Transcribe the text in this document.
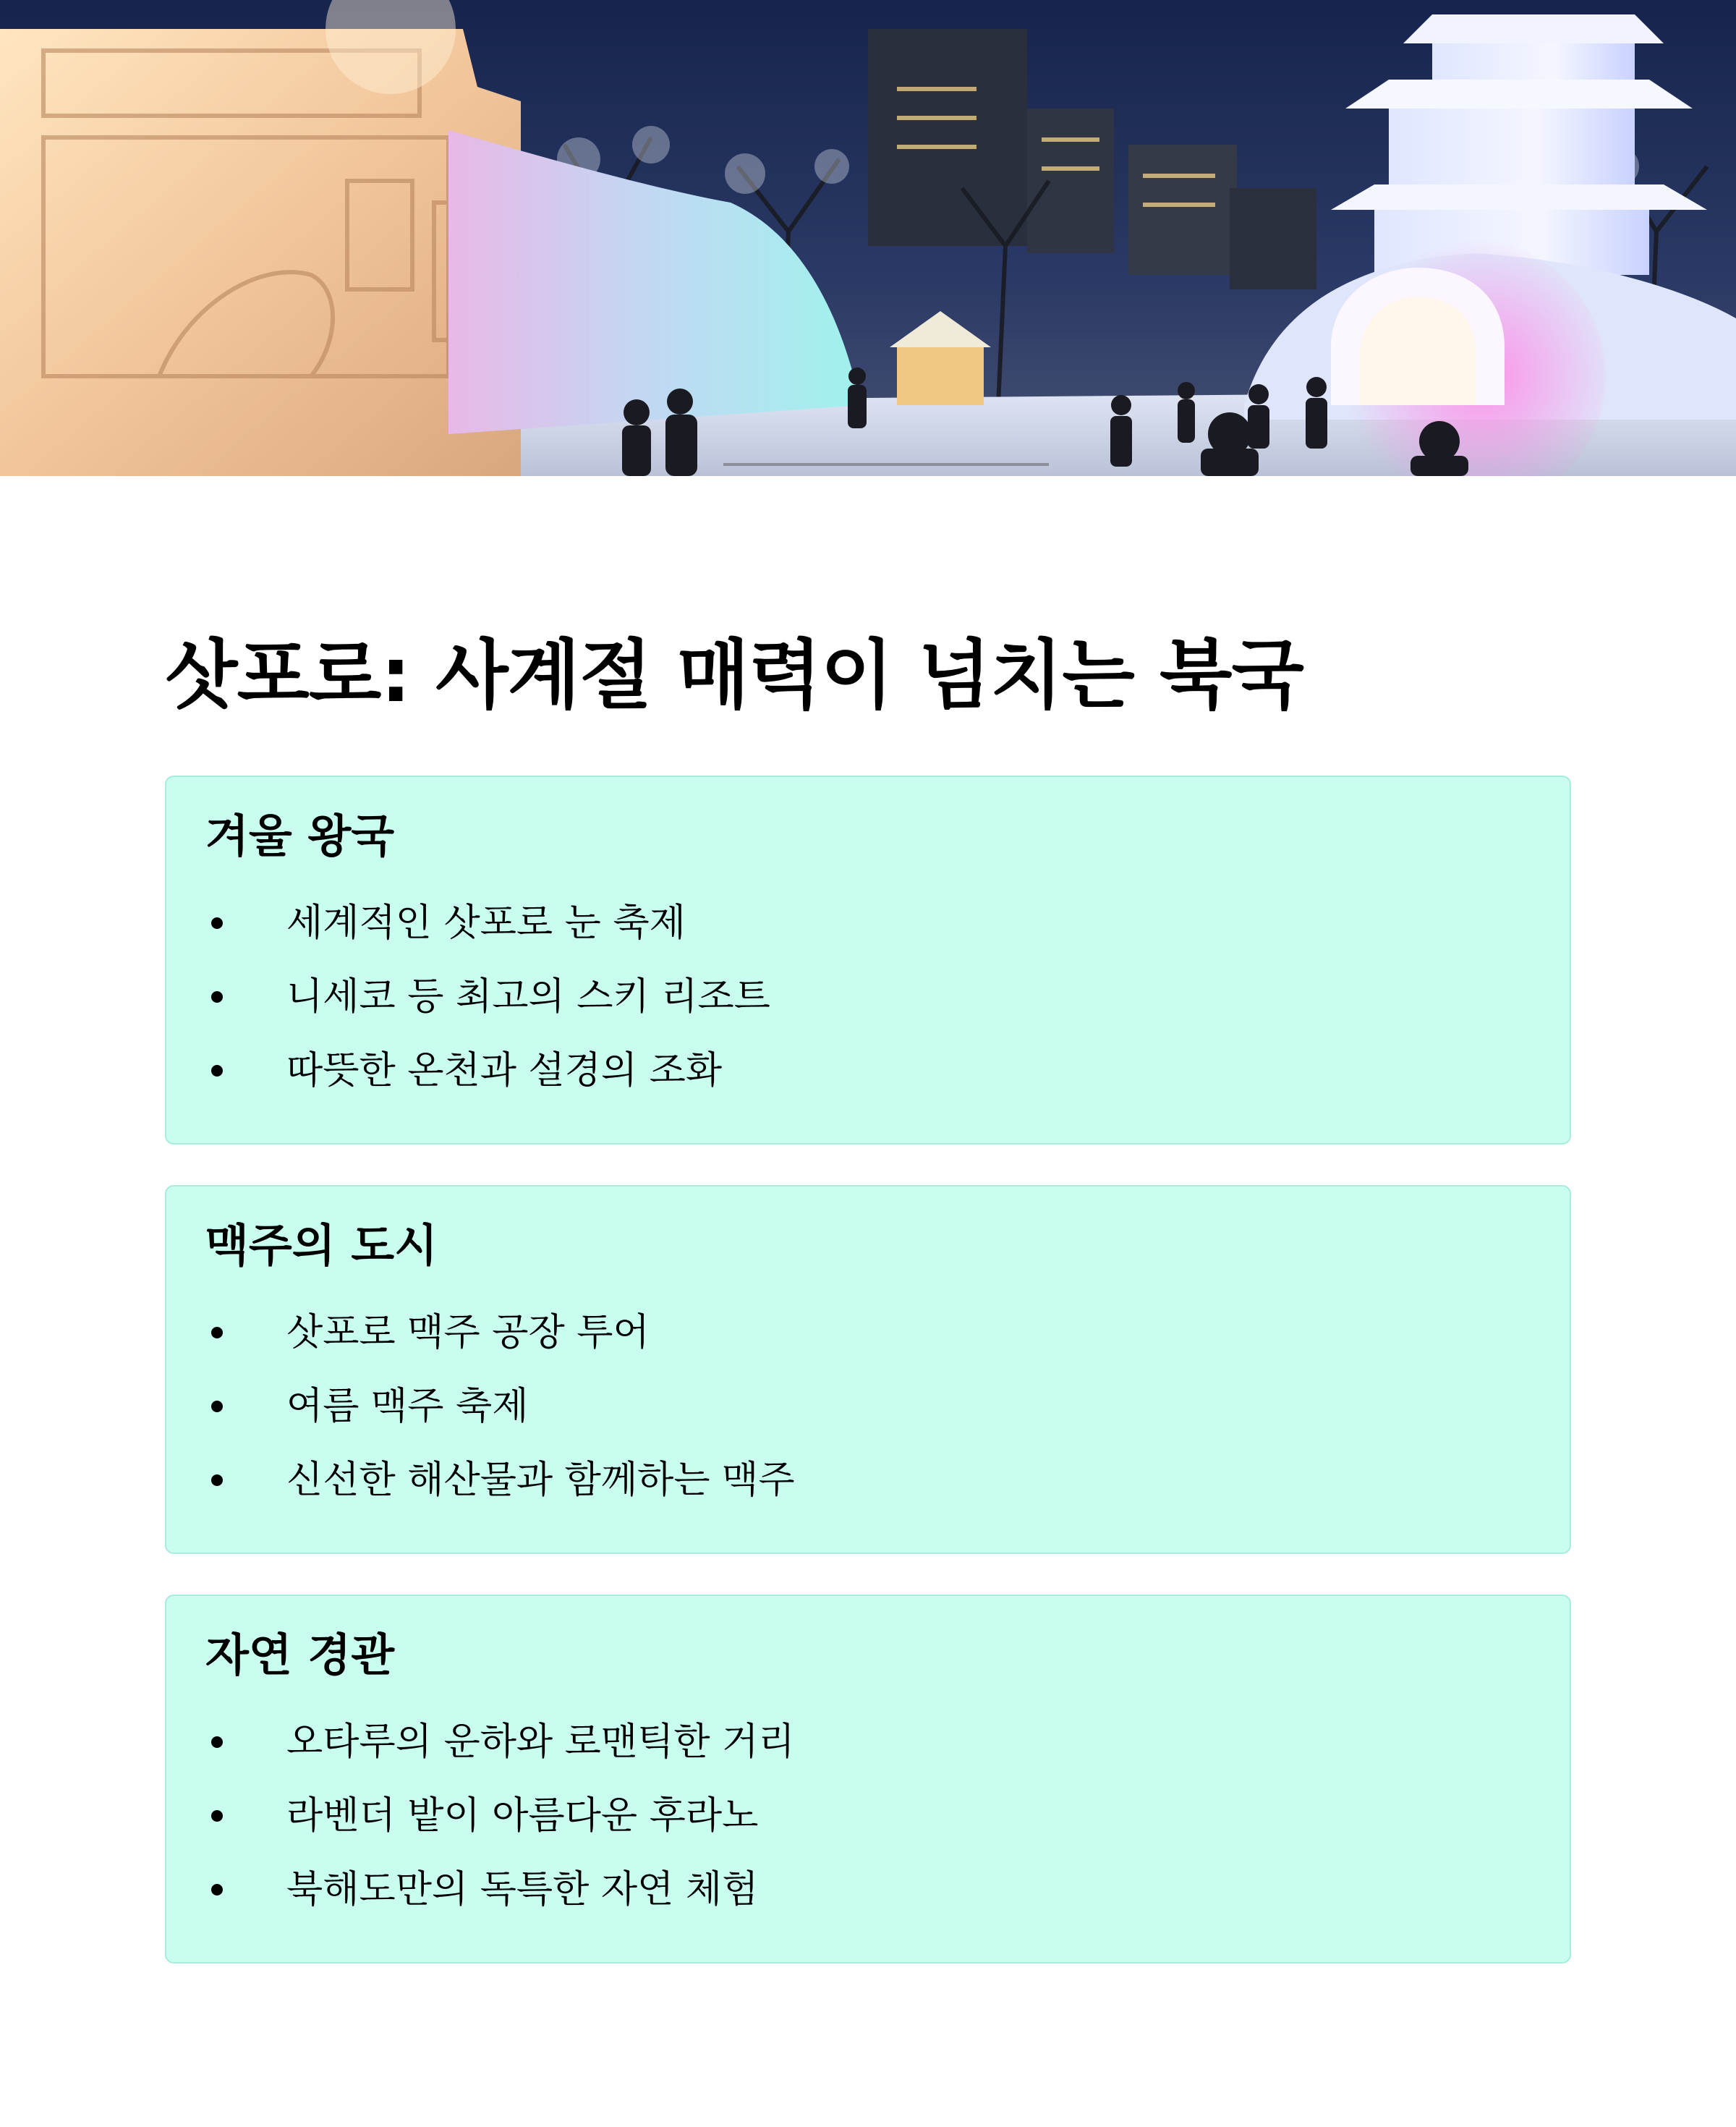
삿포로: 사계절 매력이 넘치는 북국
겨울 왕국
세계적인 삿포로 눈 축제
니세코 등 최고의 스키 리조트
따뜻한 온천과 설경의 조화
맥주의 도시
삿포로 맥주 공장 투어
여름 맥주 축제
신선한 해산물과 함께하는 맥주
자연 경관
오타루의 운하와 로맨틱한 거리
라벤더 밭이 아름다운 후라노
북해도만의 독특한 자연 체험
